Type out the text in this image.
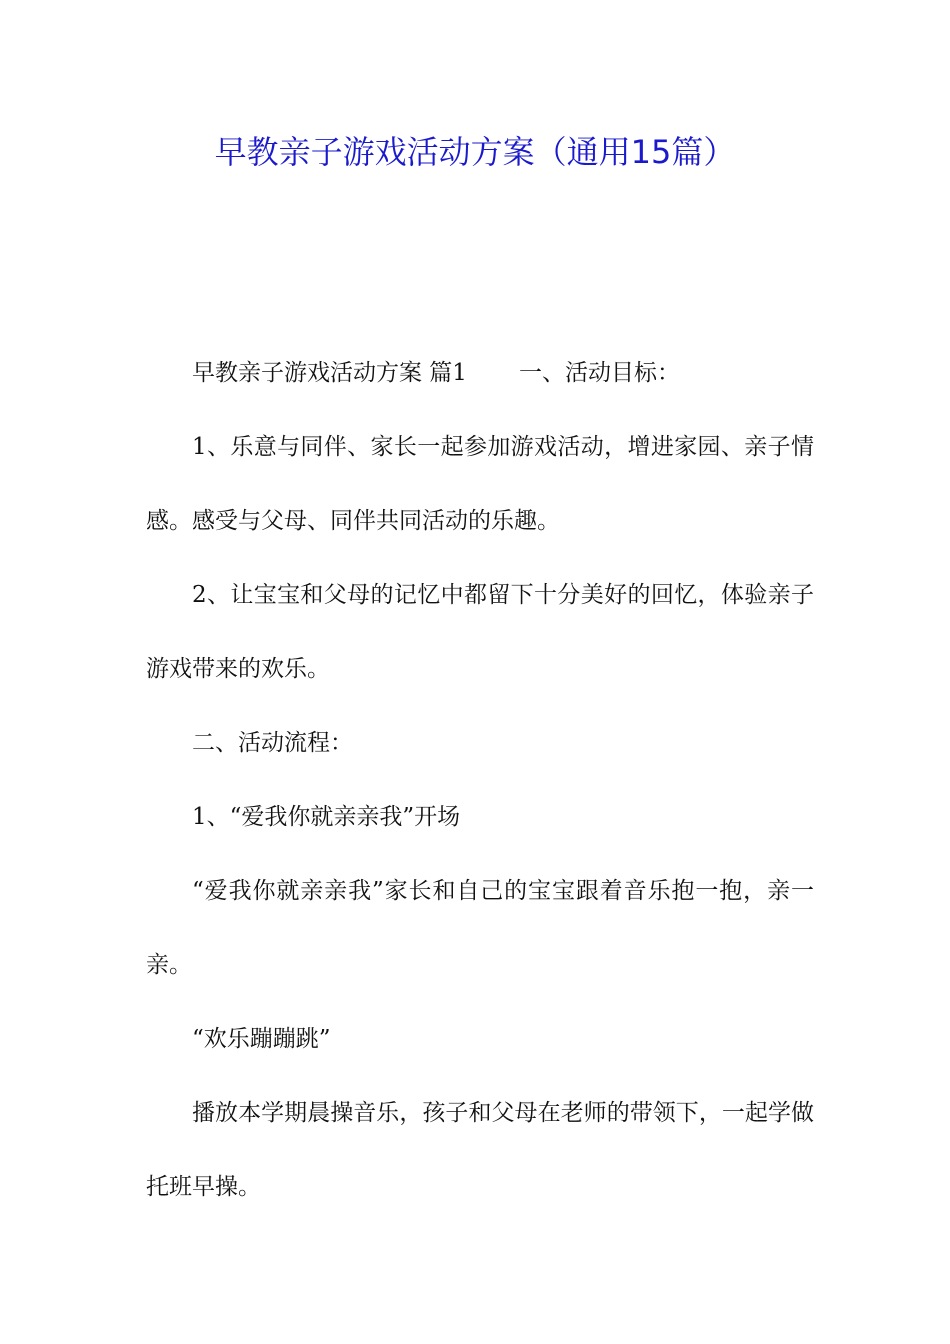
早教亲子游戏活动方案（通用15篇）

早教亲子游戏活动方案 篇1 一、活动目标：

1、乐意与同伴、家长一起参加游戏活动，增进家园、亲子情感。感受与父母、同伴共同活动的乐趣。

2、让宝宝和父母的记忆中都留下十分美好的回忆，体验亲子游戏带来的欢乐。

二、活动流程：

1、“爱我你就亲亲我”开场

“爱我你就亲亲我”家长和自己的宝宝跟着音乐抱一抱，亲一亲。

“欢乐蹦蹦跳”

播放本学期晨操音乐，孩子和父母在老师的带领下，一起学做托班早操。
